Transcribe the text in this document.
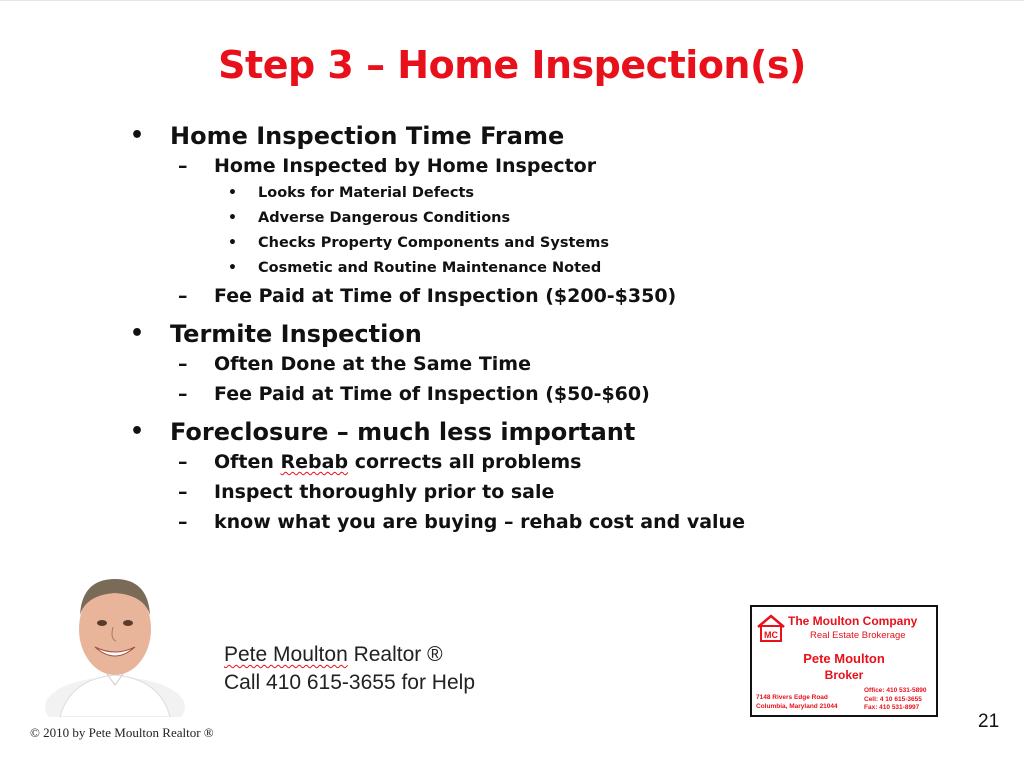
Step 3 – Home Inspection(s)
• Home Inspection Time Frame
– Home Inspected by Home Inspector
• Looks for Material Defects
• Adverse Dangerous Conditions
• Checks Property Components and Systems
• Cosmetic and Routine Maintenance Noted
– Fee Paid at Time of Inspection ($200-$350)
• Termite Inspection
– Often Done at the Same Time
– Fee Paid at Time of Inspection ($50-$60)
• Foreclosure – much less important
– Often Rebab corrects all problems
– Inspect thoroughly prior to sale
– know what you are buying – rehab cost and value
Pete Moulton Realtor ®
Call 410 615-3655 for Help
MC
The Moulton Company
Real Estate Brokerage
Pete Moulton
Broker
7148 Rivers Edge Road
Columbia, Maryland 21044
Office: 410 531-5890
Cell: 4 10 615-3655
Fax: 410 531-8997
21
© 2010 by Pete Moulton Realtor ®
